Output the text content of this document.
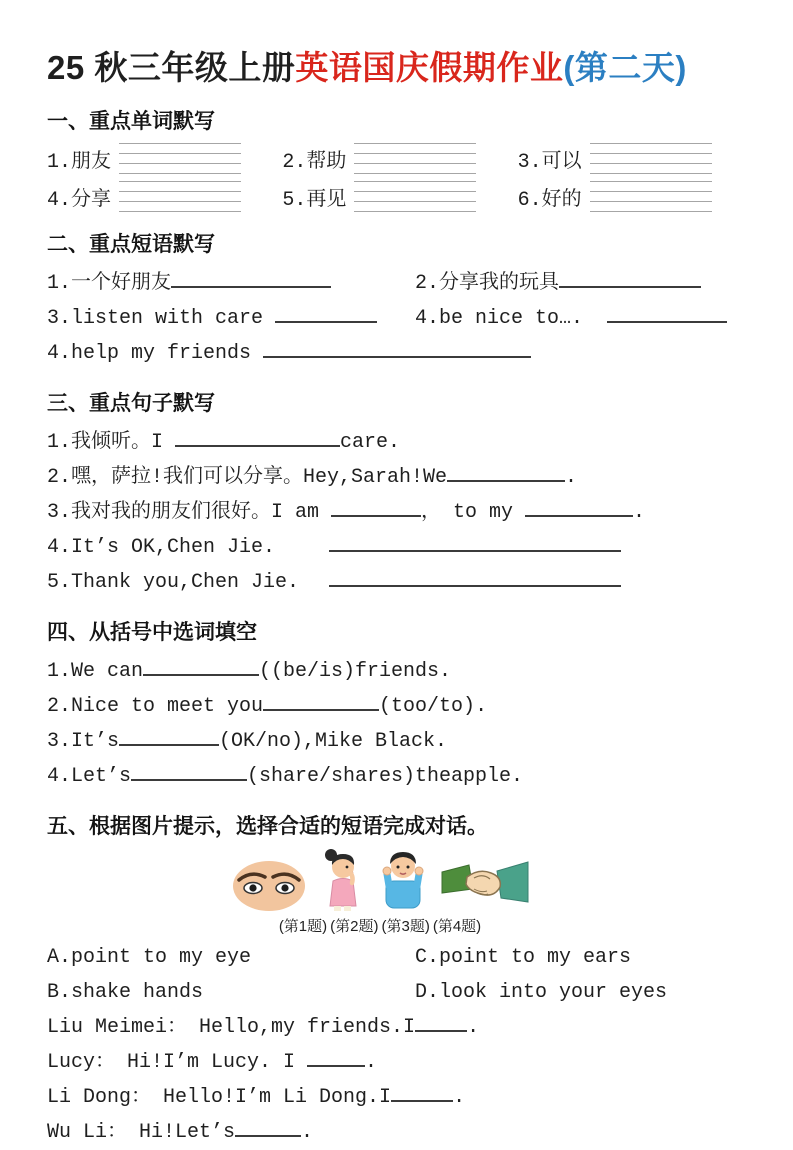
25 秋三年级上册英语国庆假期作业(第二天)
一、重点单词默写
1.朋友	2.帮助	3.可以
4.分享	5.再见	6.好的
二、重点短语默写
1.一个好朋友	2.分享我的玩具
3.listen with care	4.be nice to….
4.help my friends
三、重点句子默写
1.我倾听。I	care.
2.嘿，萨拉!我们可以分享。Hey,Sarah!We	.
3.我对我的朋友们很好。I am	， to my	.
4.It’s OK,Chen Jie.
5.Thank you,Chen Jie.
四、从括号中选词填空
1.We can	((be/is)friends.
2.Nice to meet you	(too/to).
3.It’s	(OK/no),Mike Black.
4.Let’s	(share/shares)theapple.
五、根据图片提示，选择合适的短语完成对话。
(第1题) (第2题) (第3题) (第4题)
A.point to my eye	C.point to my ears
B.shake hands	D.look into your eyes
Liu Meimei： Hello,my friends.I	.
Lucy： Hi!I’m Lucy. I	.
Li Dong： Hello!I’m Li Dong.I	.
Wu Li： Hi!Let’s	.
